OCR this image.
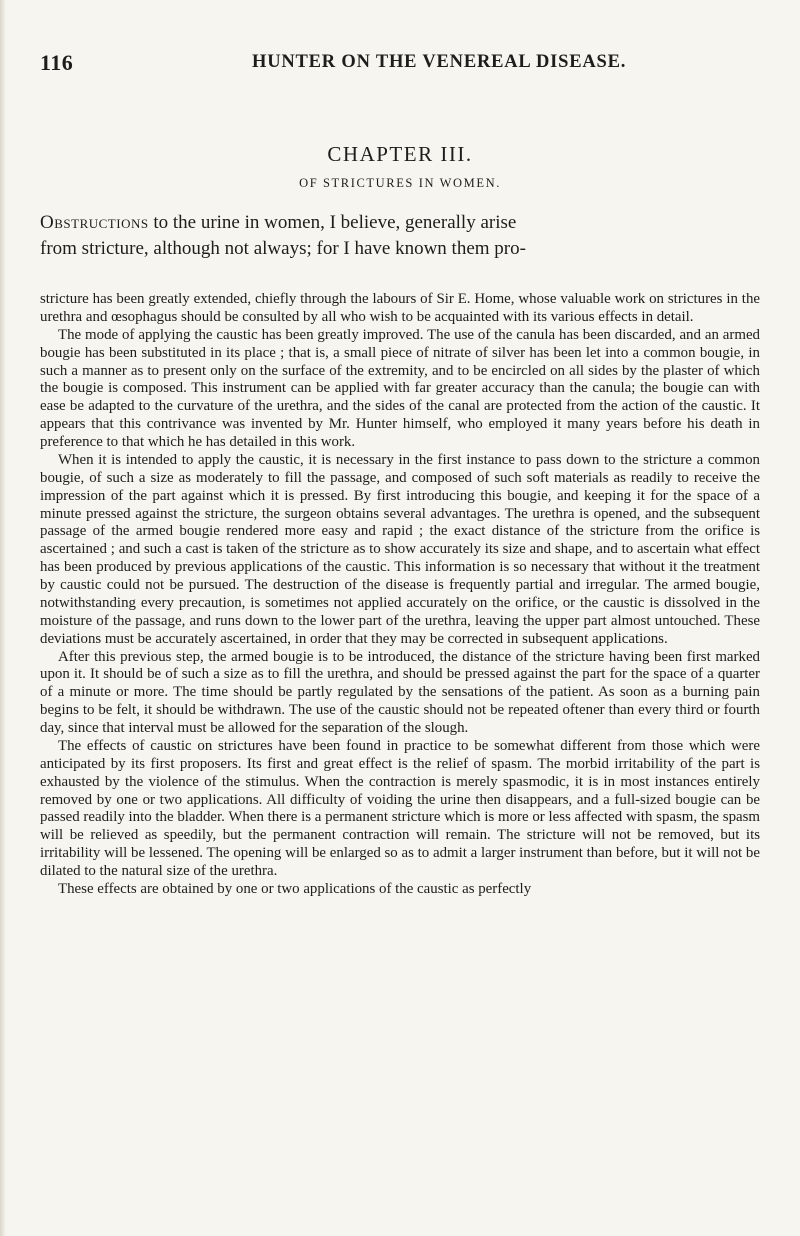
116	HUNTER ON THE VENEREAL DISEASE.
CHAPTER III.
OF STRICTURES IN WOMEN.
Obstructions to the urine in women, I believe, generally arise
from stricture, although not always; for I have known them pro-

stricture has been greatly extended, chiefly through the labours of Sir E. Home, whose valuable work on strictures in the urethra and œsophagus should be consulted by all who wish to be acquainted with its various effects in detail.

The mode of applying the caustic has been greatly improved. The use of the canula has been discarded, and an armed bougie has been substituted in its place ; that is, a small piece of nitrate of silver has been let into a common bougie, in such a manner as to present only on the surface of the extremity, and to be encircled on all sides by the plaster of which the bougie is composed. This instrument can be applied with far greater accuracy than the canula; the bougie can with ease be adapted to the curvature of the urethra, and the sides of the canal are protected from the action of the caustic. It appears that this contrivance was invented by Mr. Hunter himself, who employed it many years before his death in preference to that which he has detailed in this work.

When it is intended to apply the caustic, it is necessary in the first instance to pass down to the stricture a common bougie, of such a size as moderately to fill the passage, and composed of such soft materials as readily to receive the impression of the part against which it is pressed. By first introducing this bougie, and keeping it for the space of a minute pressed against the stricture, the surgeon obtains several advantages. The urethra is opened, and the subsequent passage of the armed bougie rendered more easy and rapid ; the exact distance of the stricture from the orifice is ascertained ; and such a cast is taken of the stricture as to show accurately its size and shape, and to ascertain what effect has been produced by previous applications of the caustic. This information is so necessary that without it the treatment by caustic could not be pursued. The destruction of the disease is frequently partial and irregular. The armed bougie, notwithstanding every precaution, is sometimes not applied accurately on the orifice, or the caustic is dissolved in the moisture of the passage, and runs down to the lower part of the urethra, leaving the upper part almost untouched. These deviations must be accurately ascertained, in order that they may be corrected in subsequent applications.

After this previous step, the armed bougie is to be introduced, the distance of the stricture having been first marked upon it. It should be of such a size as to fill the urethra, and should be pressed against the part for the space of a quarter of a minute or more. The time should be partly regulated by the sensations of the patient. As soon as a burning pain begins to be felt, it should be withdrawn. The use of the caustic should not be repeated oftener than every third or fourth day, since that interval must be allowed for the separation of the slough.

The effects of caustic on strictures have been found in practice to be somewhat different from those which were anticipated by its first proposers. Its first and great effect is the relief of spasm. The morbid irritability of the part is exhausted by the violence of the stimulus. When the contraction is merely spasmodic, it is in most instances entirely removed by one or two applications. All difficulty of voiding the urine then disappears, and a full-sized bougie can be passed readily into the bladder. When there is a permanent stricture which is more or less affected with spasm, the spasm will be relieved as speedily, but the permanent contraction will remain. The stricture will not be removed, but its irritability will be lessened. The opening will be enlarged so as to admit a larger instrument than before, but it will not be dilated to the natural size of the urethra.

These effects are obtained by one or two applications of the caustic as perfectly
